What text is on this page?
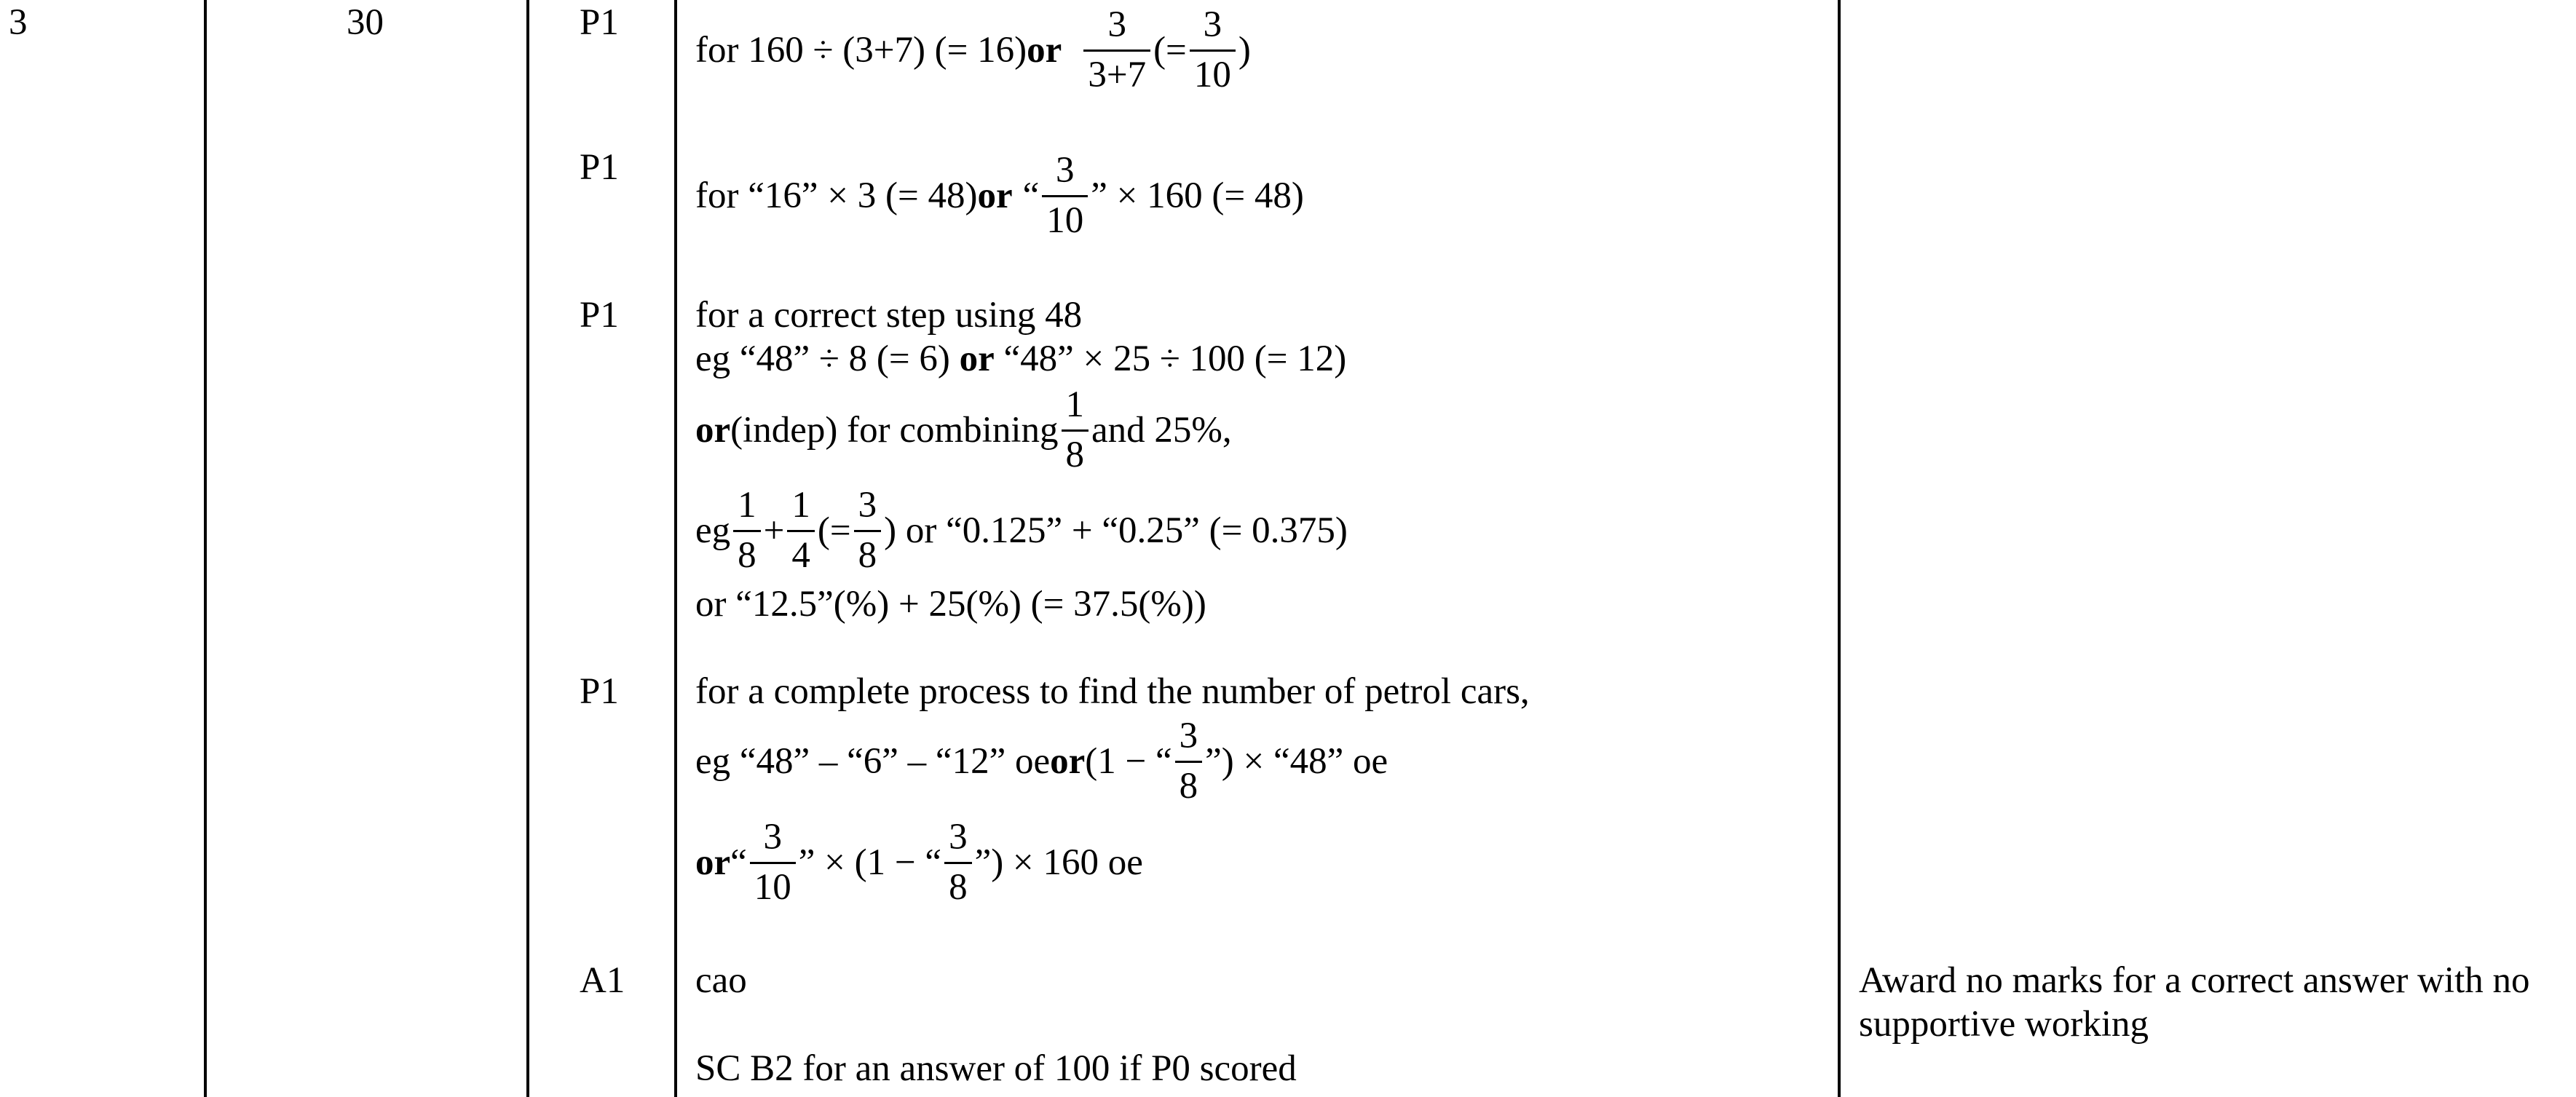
3	30	P1
P1
P1
P1
A1
for 160 ÷ (3+7) (= 16) or $\frac{3}{3+7}$ (= $\frac{3}{10}$ )
for “16” × 3 (= 48) or “ $\frac{3}{10}$ ” × 160 (= 48)
for a correct step using 48
eg “48” ÷ 8 (= 6) or “48” × 25 ÷ 100 (= 12)
or (indep) for combining $\frac{1}{8}$ and 25%,
eg $\frac{1}{8} + \frac{1}{4}$ (= $\frac{3}{8}$ ) or “0.125” + “0.25” (= 0.375)
or “12.5”(%) + 25(%) (= 37.5(%))
for a complete process to find the number of petrol cars,
eg “48” – “6” – “12” oe or (1 − “ $\frac{3}{8}$ ”) × “48” oe
or “ $\frac{3}{10}$ ” × (1 − “ $\frac{3}{8}$ ”) × 160 oe
cao
SC B2 for an answer of 100 if P0 scored
Award no marks for a correct answer with no
supportive working
